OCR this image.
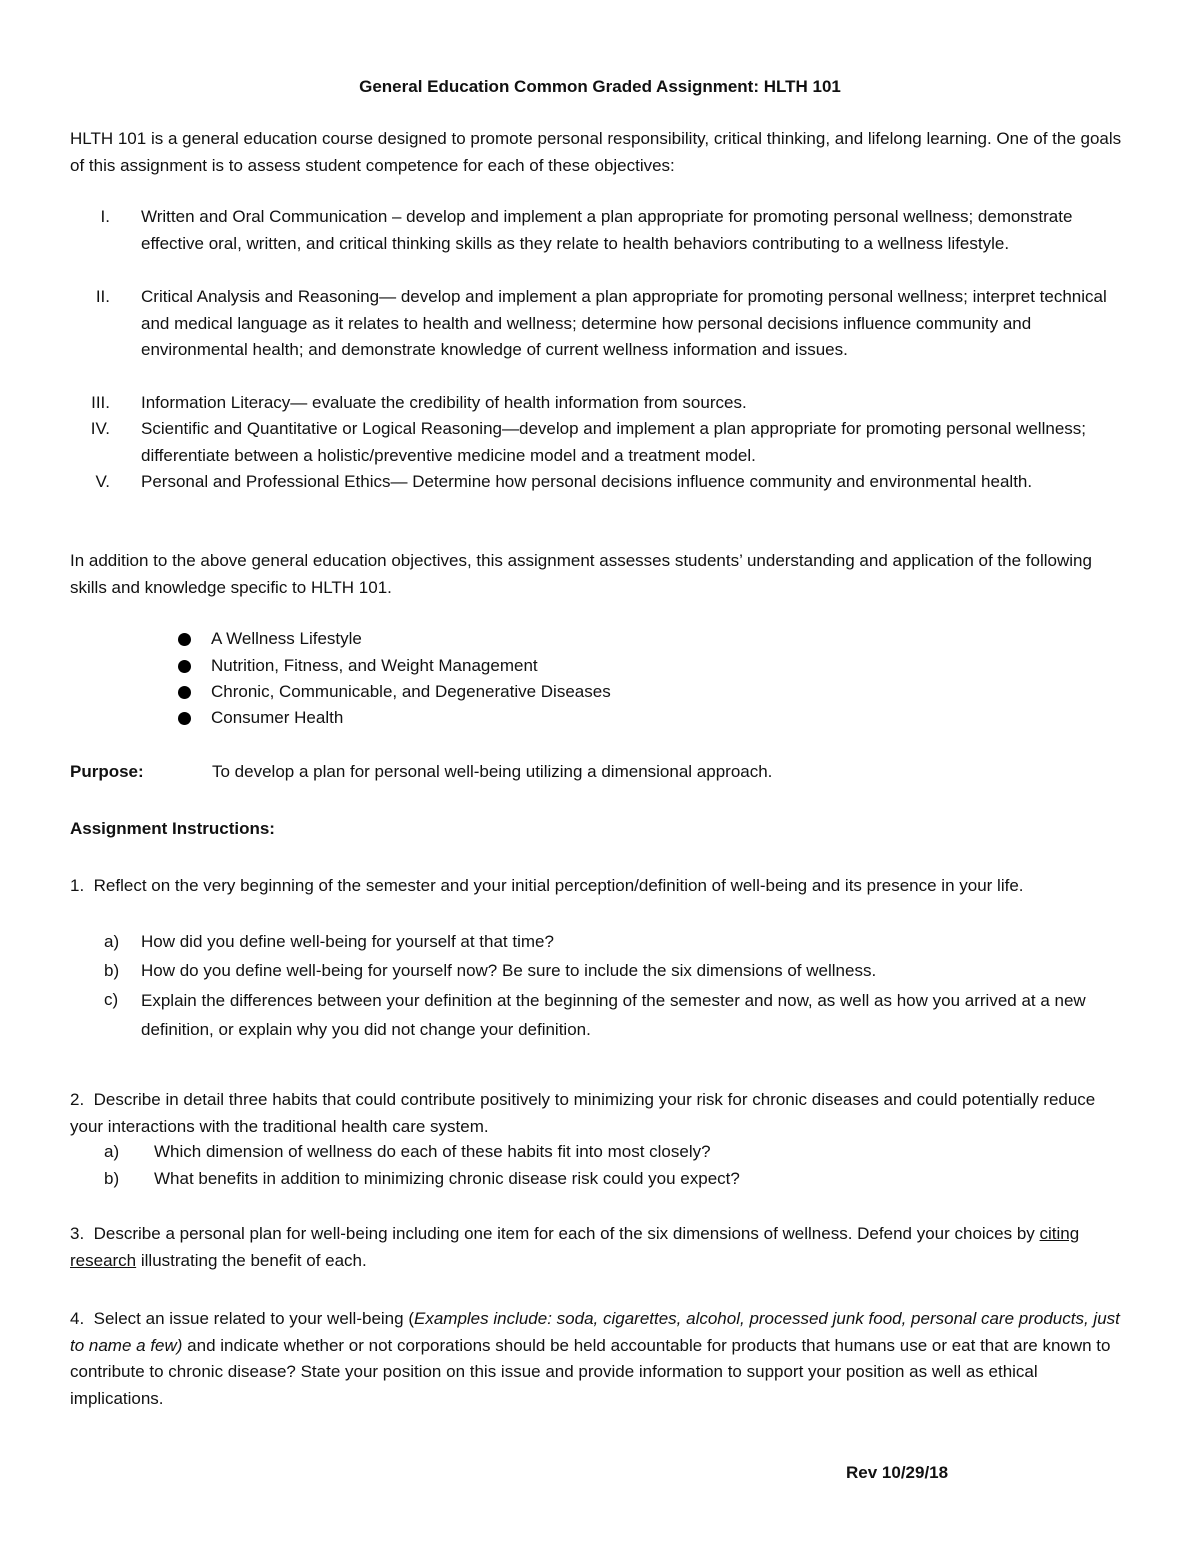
General Education Common Graded Assignment: HLTH 101
HLTH 101 is a general education course designed to promote personal responsibility, critical thinking, and lifelong learning. One of the goals of this assignment is to assess student competence for each of these objectives:
I. Written and Oral Communication – develop and implement a plan appropriate for promoting personal wellness; demonstrate effective oral, written, and critical thinking skills as they relate to health behaviors contributing to a wellness lifestyle.
II. Critical Analysis and Reasoning— develop and implement a plan appropriate for promoting personal wellness; interpret technical and medical language as it relates to health and wellness; determine how personal decisions influence community and environmental health; and demonstrate knowledge of current wellness information and issues.
III. Information Literacy— evaluate the credibility of health information from sources.
IV. Scientific and Quantitative or Logical Reasoning—develop and implement a plan appropriate for promoting personal wellness; differentiate between a holistic/preventive medicine model and a treatment model.
V. Personal and Professional Ethics— Determine how personal decisions influence community and environmental health.
In addition to the above general education objectives, this assignment assesses students’ understanding and application of the following skills and knowledge specific to HLTH 101.
A Wellness Lifestyle
Nutrition, Fitness, and Weight Management
Chronic, Communicable, and Degenerative Diseases
Consumer Health
Purpose:	To develop a plan for personal well-being utilizing a dimensional approach.
Assignment Instructions:
1. Reflect on the very beginning of the semester and your initial perception/definition of well-being and its presence in your life.
a) How did you define well-being for yourself at that time?
b) How do you define well-being for yourself now? Be sure to include the six dimensions of wellness.
c) Explain the differences between your definition at the beginning of the semester and now, as well as how you arrived at a new definition, or explain why you did not change your definition.
2. Describe in detail three habits that could contribute positively to minimizing your risk for chronic diseases and could potentially reduce your interactions with the traditional health care system.
a) Which dimension of wellness do each of these habits fit into most closely?
b) What benefits in addition to minimizing chronic disease risk could you expect?
3. Describe a personal plan for well-being including one item for each of the six dimensions of wellness. Defend your choices by citing research illustrating the benefit of each.
4. Select an issue related to your well-being (Examples include: soda, cigarettes, alcohol, processed junk food, personal care products, just to name a few) and indicate whether or not corporations should be held accountable for products that humans use or eat that are known to contribute to chronic disease? State your position on this issue and provide information to support your position as well as ethical implications.
Rev 10/29/18
